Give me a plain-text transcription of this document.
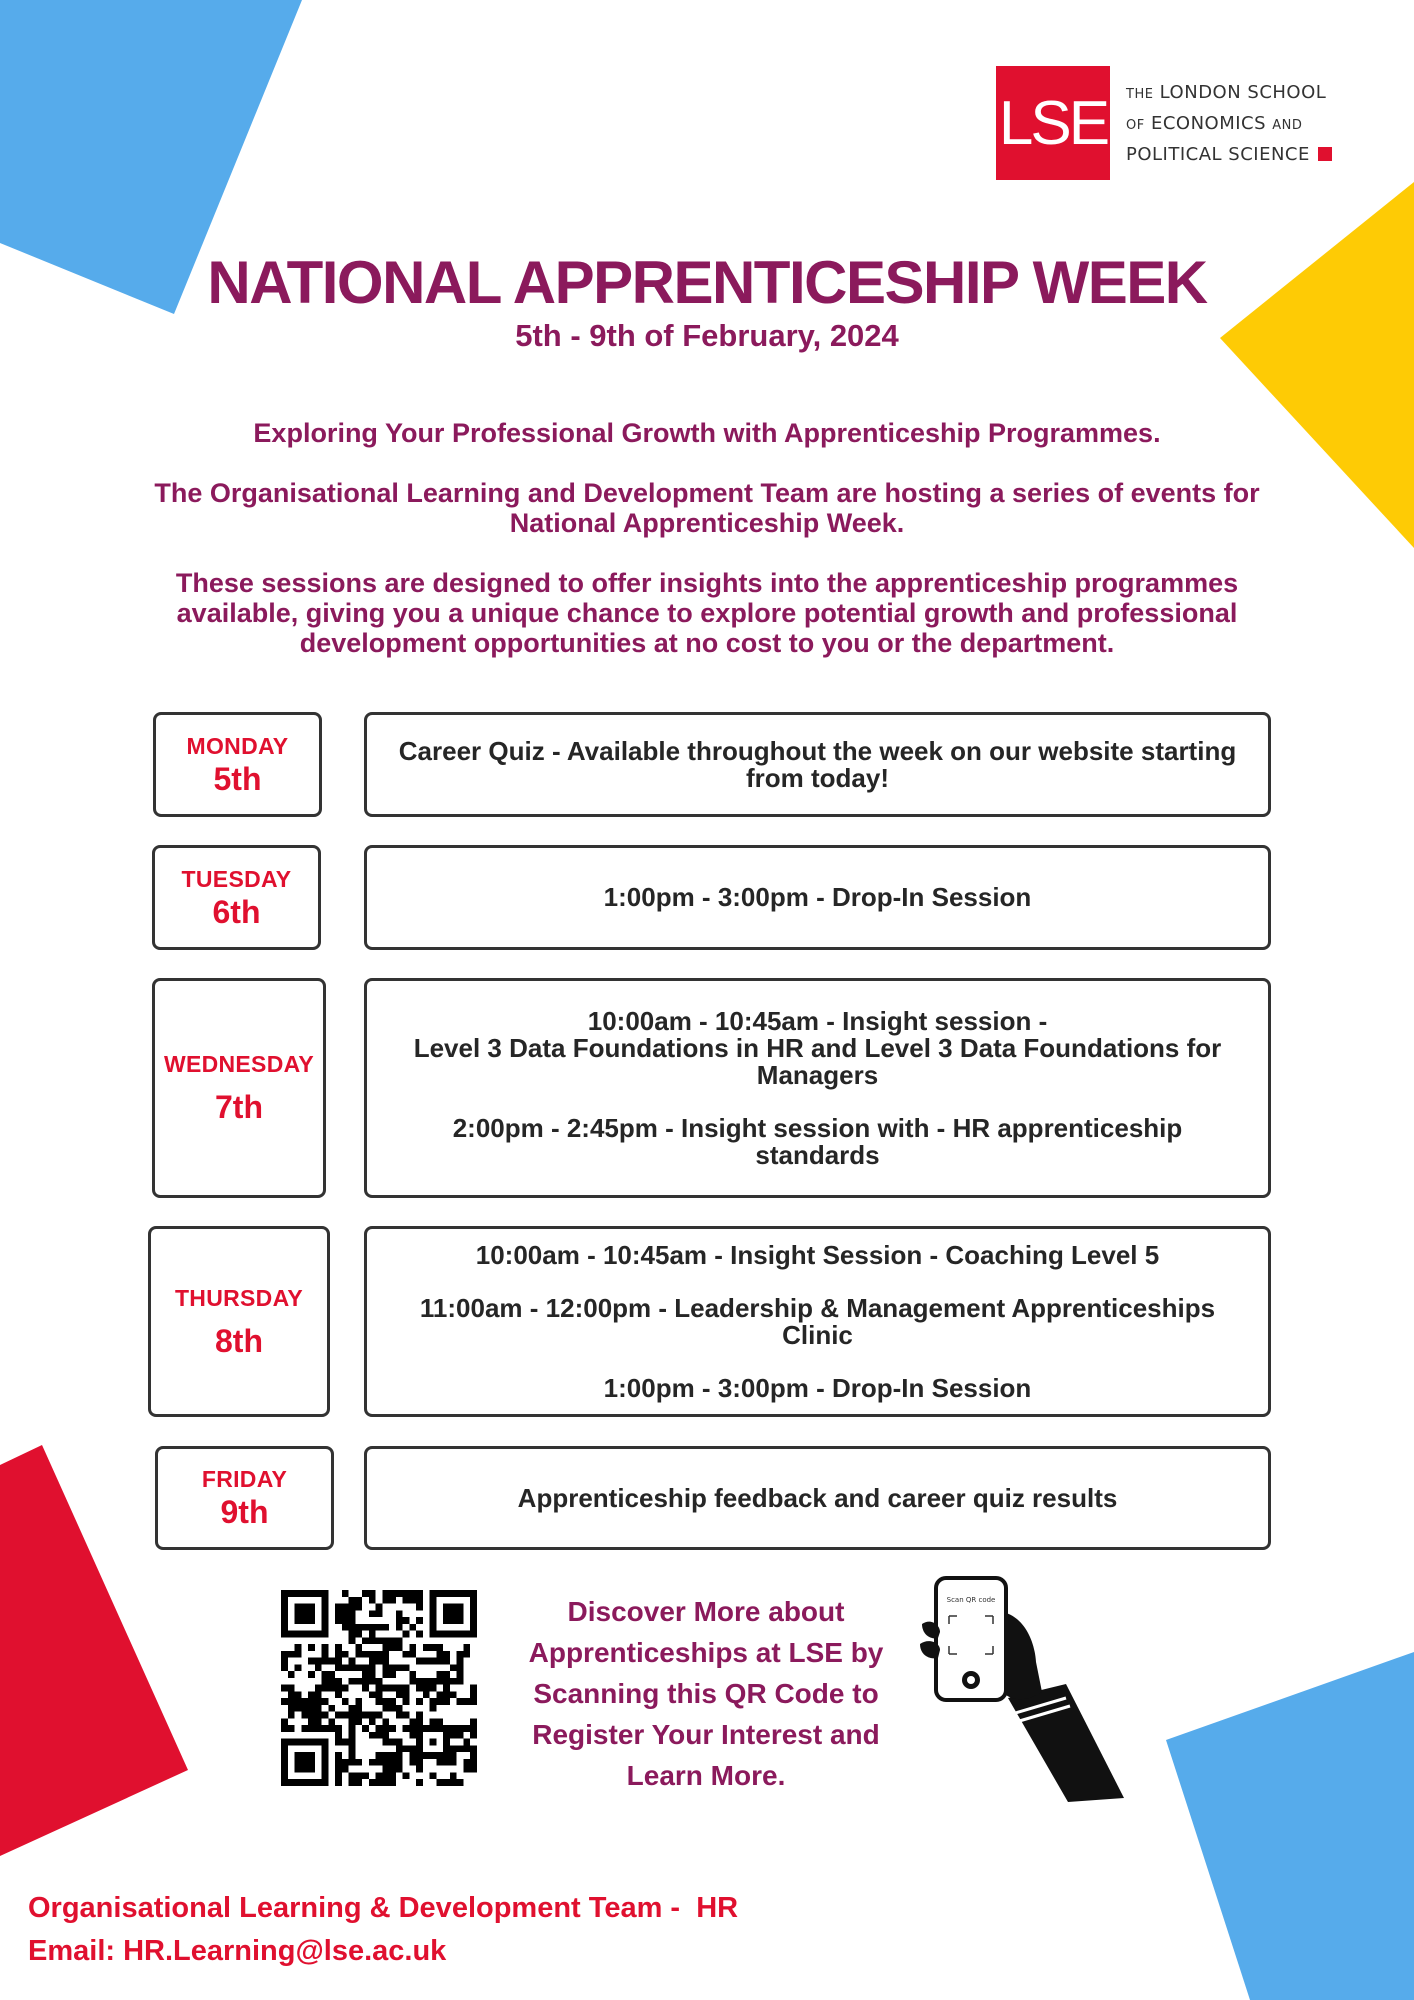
LSE THE LONDON SCHOOL
OF ECONOMICS AND
POLITICAL SCIENCE
NATIONAL APPRENTICESHIP WEEK
5th - 9th of February, 2024

Exploring Your Professional Growth with Apprenticeship Programmes.

The Organisational Learning and Development Team are hosting a series of events for National Apprenticeship Week.

These sessions are designed to offer insights into the apprenticeship programmes available, giving you a unique chance to explore potential growth and professional development opportunities at no cost to you or the department.

MONDAY
5th
Career Quiz - Available throughout the week on our website starting from today!
TUESDAY
6th	1:00pm - 3:00pm - Drop-In Session
WEDNESDAY
7th
10:00am - 10:45am - Insight session -
Level 3 Data Foundations in HR and Level 3 Data Foundations for Managers
2:00pm - 2:45pm - Insight session with - HR apprenticeship standards
THURSDAY
8th
10:00am - 10:45am - Insight Session - Coaching Level 5
11:00am - 12:00pm - Leadership & Management Apprenticeships Clinic
1:00pm - 3:00pm - Drop-In Session
FRIDAY
9th	Apprenticeship feedback and career quiz results

Discover More about Apprenticeships at LSE by Scanning this QR Code to Register Your Interest and Learn More.

Scan QR code
Organisational Learning & Development Team -  HR
Email: HR.Learning@lse.ac.uk
